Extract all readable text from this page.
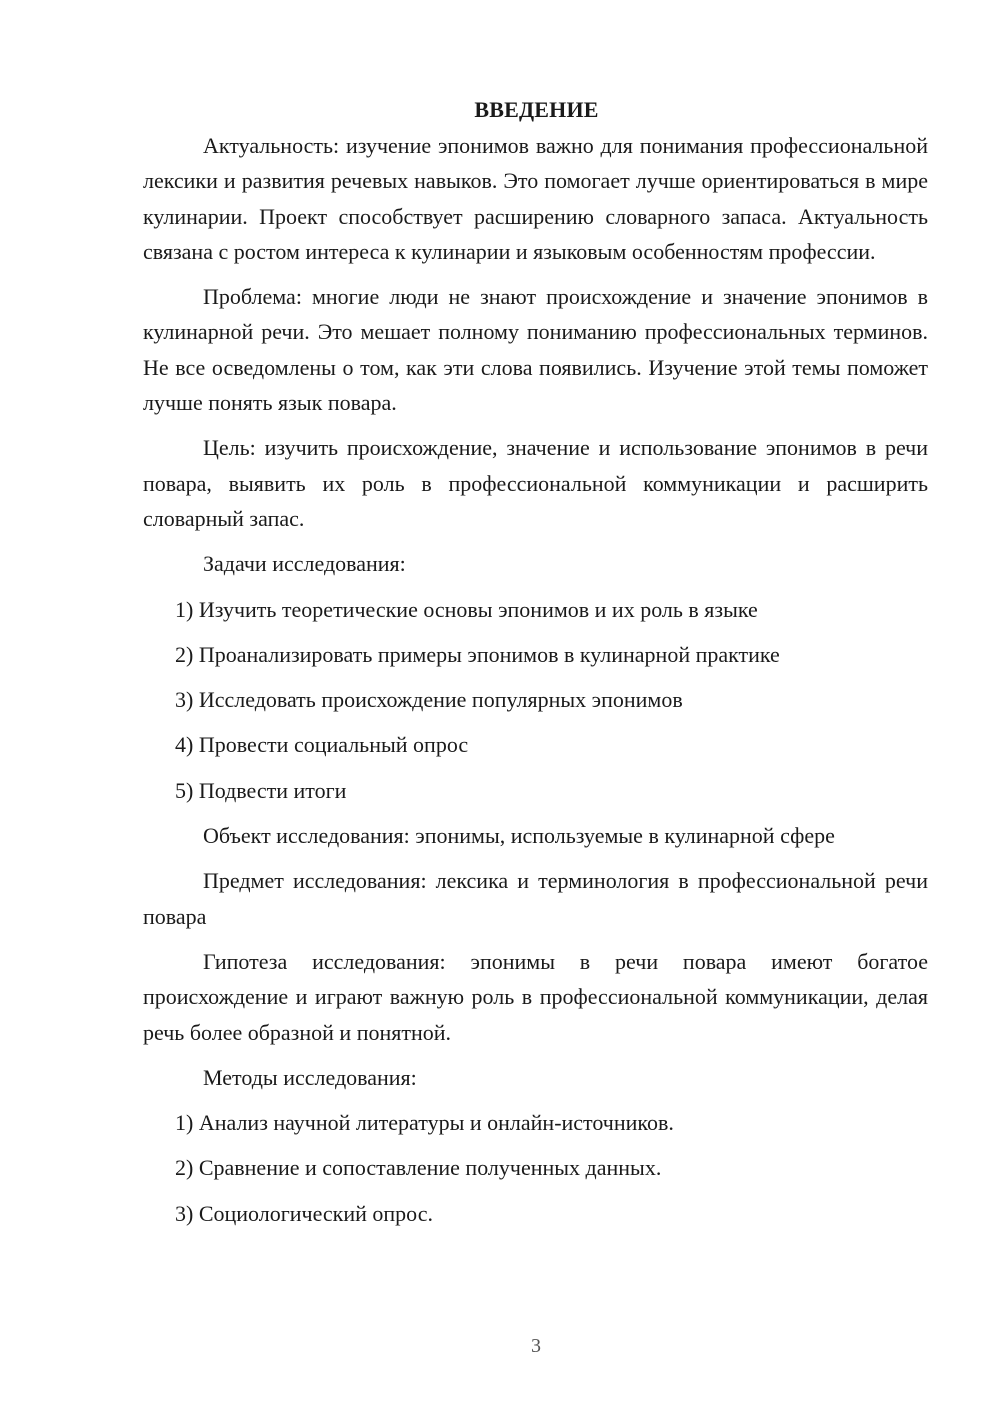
ВВЕДЕНИЕ
Актуальность: изучение эпонимов важно для понимания профессиональной лексики и развития речевых навыков. Это помогает лучше ориентироваться в мире кулинарии. Проект способствует расширению словарного запаса. Актуальность связана с ростом интереса к кулинарии и языковым особенностям профессии.
Проблема: многие люди не знают происхождение и значение эпонимов в кулинарной речи. Это мешает полному пониманию профессиональных терминов. Не все осведомлены о том, как эти слова появились. Изучение этой темы поможет лучше понять язык повара.
Цель: изучить происхождение, значение и использование эпонимов в речи повара, выявить их роль в профессиональной коммуникации и расширить словарный запас.
Задачи исследования:
1) Изучить теоретические основы эпонимов и их роль в языке
2) Проанализировать примеры эпонимов в кулинарной практике
3) Исследовать происхождение популярных эпонимов
4) Провести социальный опрос
5) Подвести итоги
Объект исследования: эпонимы, используемые в кулинарной сфере
Предмет исследования: лексика и терминология в профессиональной речи повара
Гипотеза исследования: эпонимы в речи повара имеют богатое происхождение и играют важную роль в профессиональной коммуникации, делая речь более образной и понятной.
Методы исследования:
1) Анализ научной литературы и онлайн-источников.
2) Сравнение и сопоставление полученных данных.
3) Социологический опрос.
3
